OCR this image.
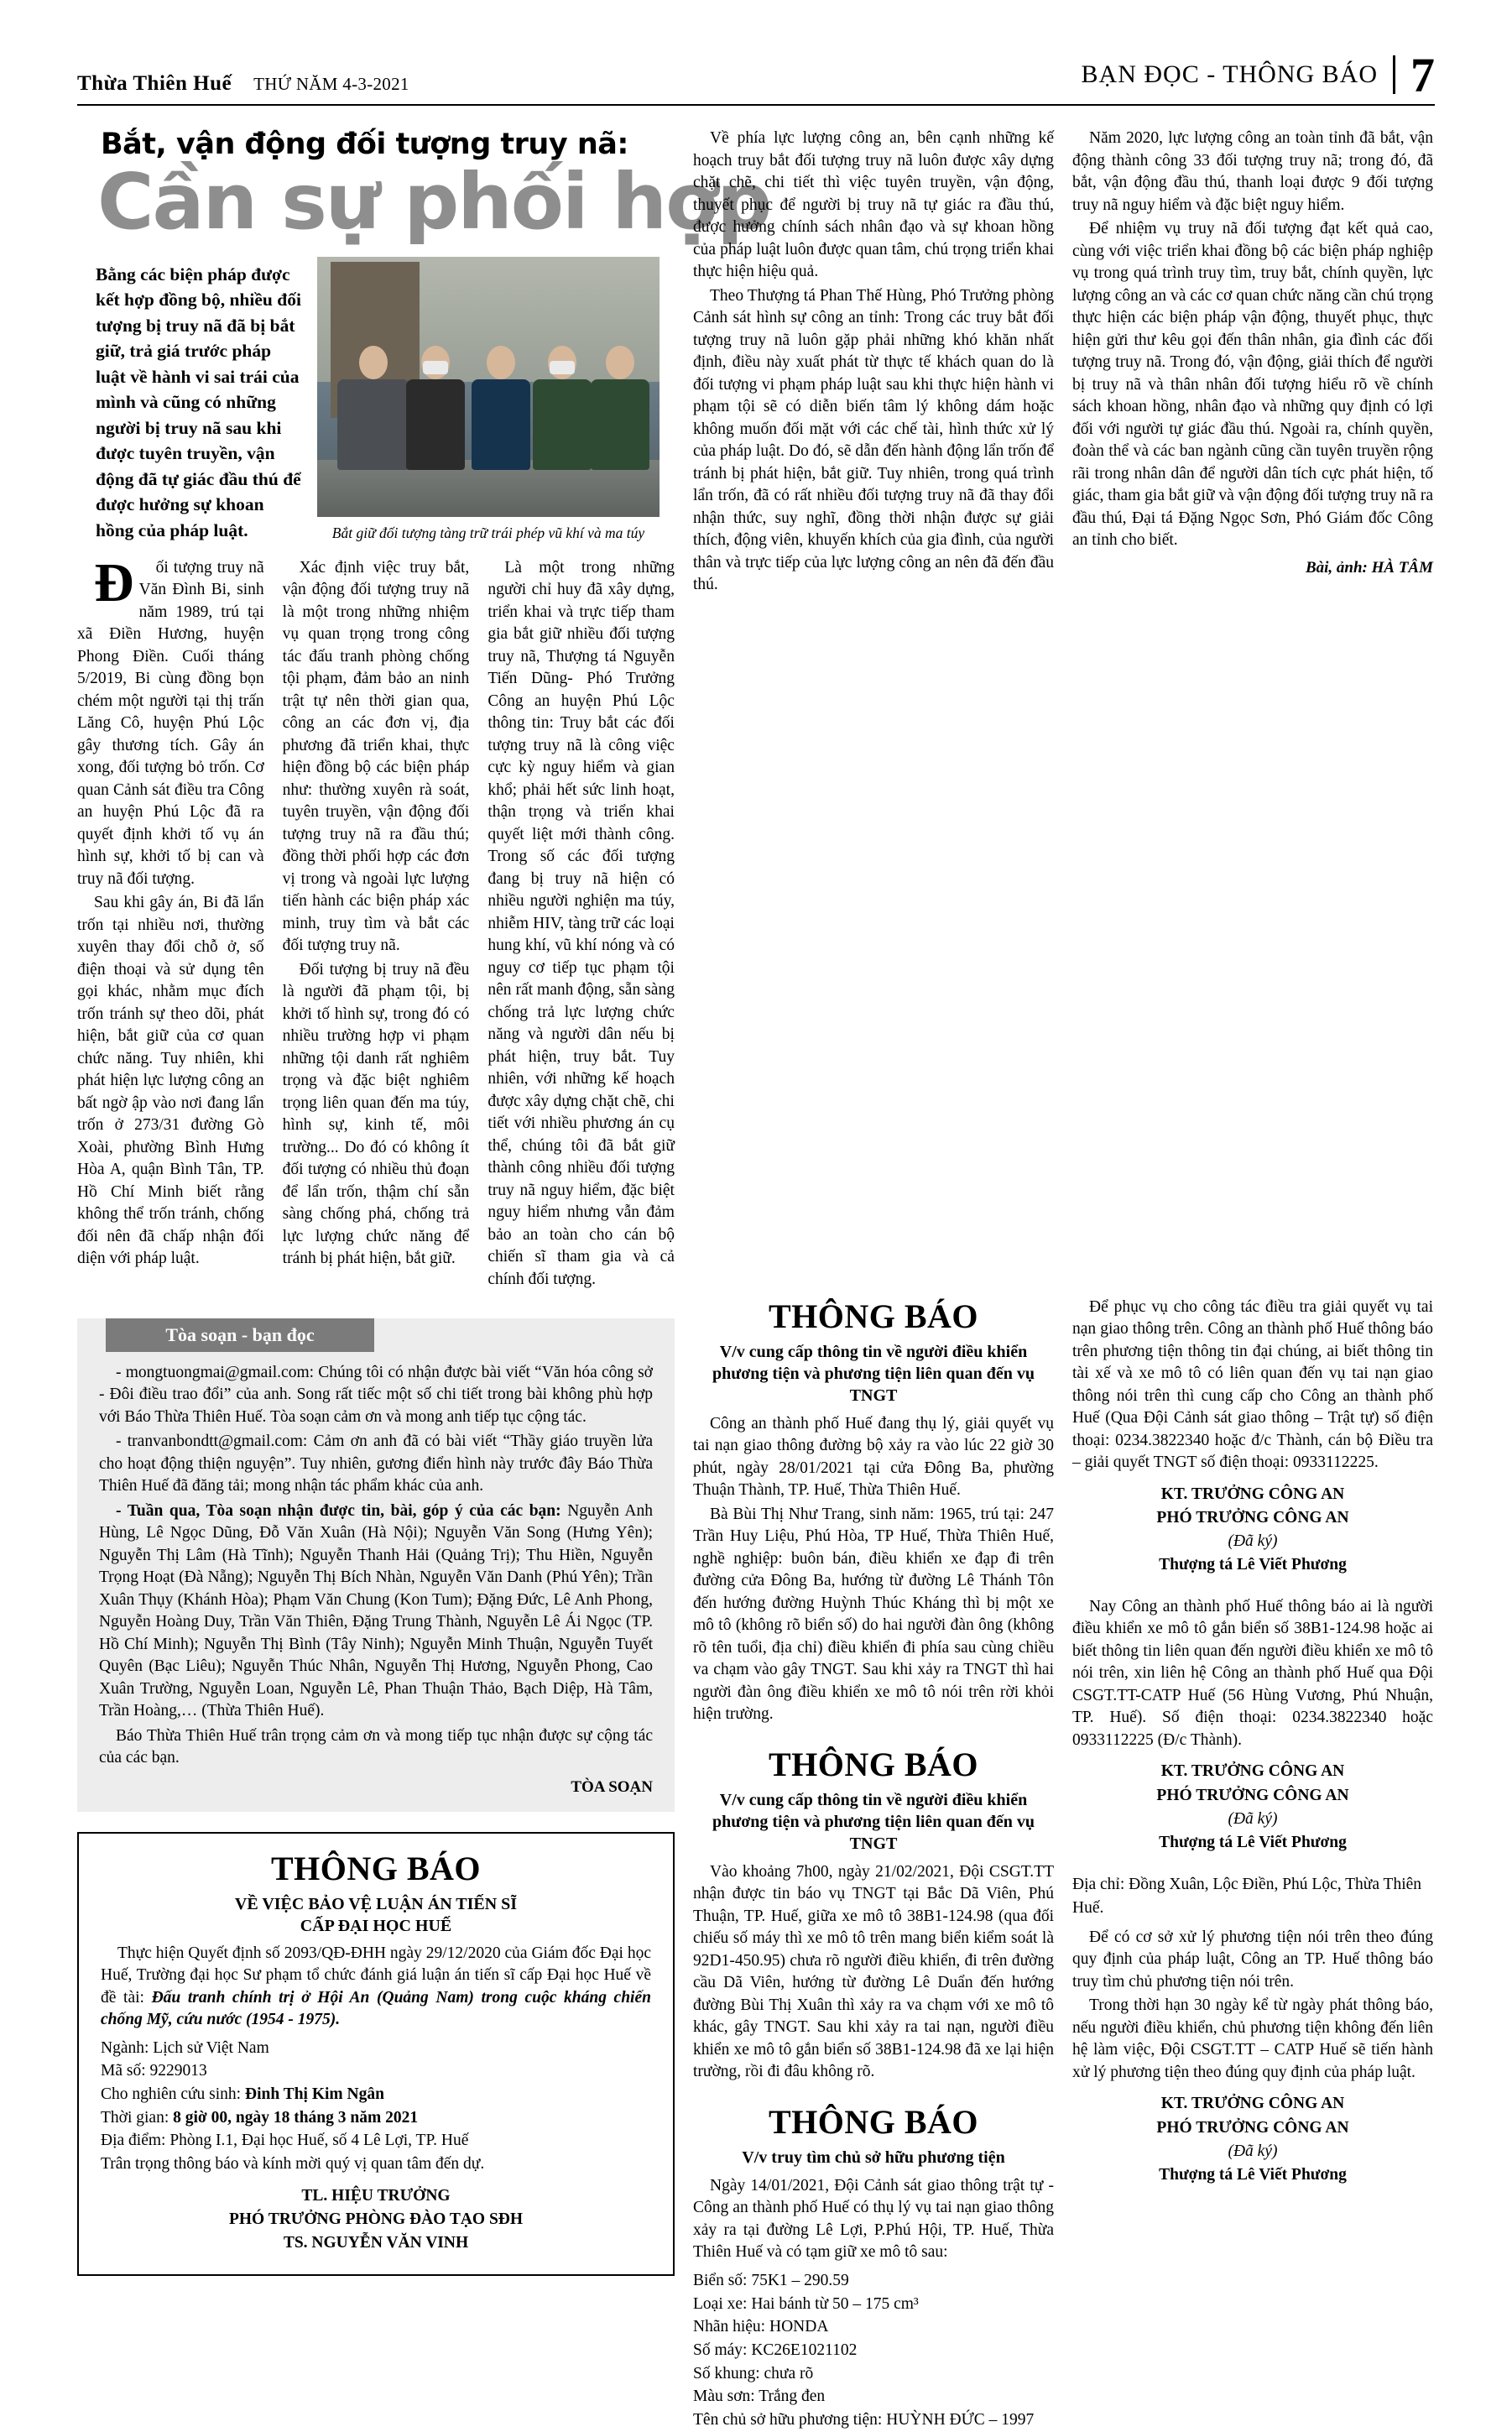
Thừa Thiên Huế THỨ NĂM 4-3-2021	BẠN ĐỌC - THÔNG BÁO 7
Bắt, vận động đối tượng truy nã:
Cần sự phối hợp
Bằng các biện pháp được kết hợp đồng bộ, nhiều đối tượng bị truy nã đã bị bắt giữ, trả giá trước pháp luật về hành vi sai trái của mình và cũng có những người bị truy nã sau khi được tuyên truyền, vận động đã tự giác đầu thú để được hưởng sự khoan hồng của pháp luật.	Bắt giữ đối tượng tàng trữ trái phép vũ khí và ma túy

Đối tượng truy nã Văn Đình Bi, sinh năm 1989, trú tại xã Điền Hương, huyện Phong Điền. Cuối tháng 5/2019, Bi cùng đồng bọn chém một người tại thị trấn Lăng Cô, huyện Phú Lộc gây thương tích. Gây án xong, đối tượng bỏ trốn. Cơ quan Cảnh sát điều tra Công an huyện Phú Lộc đã ra quyết định khởi tố vụ án hình sự, khởi tố bị can và truy nã đối tượng.

Sau khi gây án, Bi đã lẩn trốn tại nhiều nơi, thường xuyên thay đổi chỗ ở, số điện thoại và sử dụng tên gọi khác, nhằm mục đích trốn tránh sự theo dõi, phát hiện, bắt giữ của cơ quan chức năng. Tuy nhiên, khi phát hiện lực lượng công an bất ngờ ập vào nơi đang lẩn trốn ở 273/31 đường Gò Xoài, phường Bình Hưng Hòa A, quận Bình Tân, TP. Hồ Chí Minh biết rằng không thể trốn tránh, chống đối nên đã chấp nhận đối diện với pháp luật.

Xác định việc truy bắt, vận động đối tượng truy nã là một trong những nhiệm vụ quan trọng trong công tác đấu tranh phòng chống tội phạm, đảm bảo an ninh trật tự nên thời gian qua, công an các đơn vị, địa phương đã triển khai, thực hiện đồng bộ các biện pháp như: thường xuyên rà soát, tuyên truyền, vận động đối tượng truy nã ra đầu thú; đồng thời phối hợp các đơn vị trong và ngoài lực lượng tiến hành các biện pháp xác minh, truy tìm và bắt các đối tượng truy nã.

Đối tượng bị truy nã đều là người đã phạm tội, bị khởi tố hình sự, trong đó có nhiều trường hợp vi phạm những tội danh rất nghiêm trọng và đặc biệt nghiêm trọng liên quan đến ma túy, hình sự, kinh tế, môi trường... Do đó có không ít đối tượng có nhiều thủ đoạn để lẩn trốn, thậm chí sẵn sàng chống phá, chống trả lực lượng chức năng để tránh bị phát hiện, bắt giữ.

Là một trong những người chỉ huy đã xây dựng, triển khai và trực tiếp tham gia bắt giữ nhiều đối tượng truy nã, Thượng tá Nguyễn Tiến Dũng- Phó Trưởng Công an huyện Phú Lộc thông tin: Truy bắt các đối tượng truy nã là công việc cực kỳ nguy hiểm và gian khổ; phải hết sức linh hoạt, thận trọng và triển khai quyết liệt mới thành công. Trong số các đối tượng đang bị truy nã hiện có nhiều người nghiện ma túy, nhiễm HIV, tàng trữ các loại hung khí, vũ khí nóng và có nguy cơ tiếp tục phạm tội nên rất manh động, sẵn sàng chống trả lực lượng chức năng và người dân nếu bị phát hiện, truy bắt. Tuy nhiên, với những kế hoạch được xây dựng chặt chẽ, chi tiết với nhiều phương án cụ thể, chúng tôi đã bắt giữ thành công nhiều đối tượng truy nã nguy hiểm, đặc biệt nguy hiểm nhưng vẫn đảm bảo an toàn cho cán bộ chiến sĩ tham gia và cả chính đối tượng.

Về phía lực lượng công an, bên cạnh những kế hoạch truy bắt đối tượng truy nã luôn được xây dựng chặt chẽ, chi tiết thì việc tuyên truyền, vận động, thuyết phục để người bị truy nã tự giác ra đầu thú, được hưởng chính sách nhân đạo và sự khoan hồng của pháp luật luôn được quan tâm, chú trọng triển khai thực hiện hiệu quả.

Theo Thượng tá Phan Thế Hùng, Phó Trưởng phòng Cảnh sát hình sự công an tỉnh: Trong các truy bắt đối tượng truy nã luôn gặp phải những khó khăn nhất định, điều này xuất phát từ thực tế khách quan do là đối tượng vi phạm pháp luật sau khi thực hiện hành vi phạm tội sẽ có diễn biến tâm lý không dám hoặc không muốn đối mặt với các chế tài, hình thức xử lý của pháp luật. Do đó, sẽ dẫn đến hành động lẩn trốn để tránh bị phát hiện, bắt giữ. Tuy nhiên, trong quá trình lẩn trốn, đã có rất nhiều đối tượng truy nã đã thay đổi nhận thức, suy nghĩ, đồng thời nhận được sự giải thích, động viên, khuyến khích của gia đình, của người thân và trực tiếp của lực lượng công an nên đã đến đầu thú.

Năm 2020, lực lượng công an toàn tỉnh đã bắt, vận động thành công 33 đối tượng truy nã; trong đó, đã bắt, vận động đầu thú, thanh loại được 9 đối tượng truy nã nguy hiểm và đặc biệt nguy hiểm.

Để nhiệm vụ truy nã đối tượng đạt kết quả cao, cùng với việc triển khai đồng bộ các biện pháp nghiệp vụ trong quá trình truy tìm, truy bắt, chính quyền, lực lượng công an và các cơ quan chức năng cần chú trọng thực hiện các biện pháp vận động, thuyết phục, thực hiện gửi thư kêu gọi đến thân nhân, gia đình các đối tượng truy nã. Trong đó, vận động, giải thích để người bị truy nã và thân nhân đối tượng hiểu rõ về chính sách khoan hồng, nhân đạo và những quy định có lợi đối với người tự giác đầu thú. Ngoài ra, chính quyền, đoàn thể và các ban ngành cũng cần tuyên truyền rộng rãi trong nhân dân để người dân tích cực phát hiện, tố giác, tham gia bắt giữ và vận động đối tượng truy nã ra đầu thú, Đại tá Đặng Ngọc Sơn, Phó Giám đốc Công an tỉnh cho biết.

Bài, ảnh: HÀ TÂM
Tòa soạn - bạn đọc

- mongtuongmai@gmail.com: Chúng tôi có nhận được bài viết “Văn hóa công sở - Đôi điều trao đổi” của anh. Song rất tiếc một số chi tiết trong bài không phù hợp với Báo Thừa Thiên Huế. Tòa soạn cảm ơn và mong anh tiếp tục cộng tác.

- tranvanbondtt@gmail.com: Cảm ơn anh đã có bài viết “Thầy giáo truyền lửa cho hoạt động thiện nguyện”. Tuy nhiên, gương điển hình này trước đây Báo Thừa Thiên Huế đã đăng tải; mong nhận tác phẩm khác của anh.

- Tuần qua, Tòa soạn nhận được tin, bài, góp ý của các bạn: Nguyễn Anh Hùng, Lê Ngọc Dũng, Đỗ Văn Xuân (Hà Nội); Nguyễn Văn Song (Hưng Yên); Nguyễn Thị Lâm (Hà Tĩnh); Nguyễn Thanh Hải (Quảng Trị); Thu Hiền, Nguyễn Trọng Hoạt (Đà Nẵng); Nguyễn Thị Bích Nhàn, Nguyễn Văn Danh (Phú Yên); Trần Xuân Thụy (Khánh Hòa); Phạm Văn Chung (Kon Tum); Đặng Đức, Lê Anh Phong, Nguyễn Hoàng Duy, Trần Văn Thiên, Đặng Trung Thành, Nguyễn Lê Ái Ngọc (TP. Hồ Chí Minh); Nguyễn Thị Bình (Tây Ninh); Nguyễn Minh Thuận, Nguyễn Tuyết Quyên (Bạc Liêu); Nguyễn Thúc Nhân, Nguyễn Thị Hương, Nguyễn Phong, Cao Xuân Trường, Nguyễn Loan, Nguyễn Lê, Phan Thuận Thảo, Bạch Diệp, Hà Tâm, Trần Hoàng,… (Thừa Thiên Huế).

Báo Thừa Thiên Huế trân trọng cảm ơn và mong tiếp tục nhận được sự cộng tác của các bạn.

TÒA SOẠN
THÔNG BÁO
VỀ VIỆC BẢO VỆ LUẬN ÁN TIẾN SĨ
CẤP ĐẠI HỌC HUẾ

Thực hiện Quyết định số 2093/QĐ-ĐHH ngày 29/12/2020 của Giám đốc Đại học Huế, Trường đại học Sư phạm tổ chức đánh giá luận án tiến sĩ cấp Đại học Huế về đề tài: Đấu tranh chính trị ở Hội An (Quảng Nam) trong cuộc kháng chiến chống Mỹ, cứu nước (1954 - 1975).

Ngành: Lịch sử Việt Nam

Mã số: 9229013

Cho nghiên cứu sinh: Đinh Thị Kim Ngân

Thời gian: 8 giờ 00, ngày 18 tháng 3 năm 2021

Địa điểm: Phòng I.1, Đại học Huế, số 4 Lê Lợi, TP. Huế

Trân trọng thông báo và kính mời quý vị quan tâm đến dự.

TL. HIỆU TRƯỞNG
PHÓ TRƯỞNG PHÒNG ĐÀO TẠO SĐH
TS. NGUYỄN VĂN VINH
THÔNG BÁO
V/v cung cấp thông tin về người điều khiển phương tiện và phương tiện liên quan đến vụ TNGT

Công an thành phố Huế đang thụ lý, giải quyết vụ tai nạn giao thông đường bộ xảy ra vào lúc 22 giờ 30 phút, ngày 28/01/2021 tại cửa Đông Ba, phường Thuận Thành, TP. Huế, Thừa Thiên Huế.

Bà Bùi Thị Như Trang, sinh năm: 1965, trú tại: 247 Trần Huy Liệu, Phú Hòa, TP Huế, Thừa Thiên Huế, nghề nghiệp: buôn bán, điều khiển xe đạp đi trên đường cửa Đông Ba, hướng từ đường Lê Thánh Tôn đến hướng đường Huỳnh Thúc Kháng thì bị một xe mô tô (không rõ biển số) do hai người đàn ông (không rõ tên tuổi, địa chỉ) điều khiển đi phía sau cùng chiều va chạm vào gây TNGT. Sau khi xảy ra TNGT thì hai người đàn ông điều khiển xe mô tô nói trên rời khỏi hiện trường.

THÔNG BÁO
V/v cung cấp thông tin về người điều khiển phương tiện và phương tiện liên quan đến vụ TNGT

Vào khoảng 7h00, ngày 21/02/2021, Đội CSGT.TT nhận được tin báo vụ TNGT tại Bắc Dã Viên, Phú Thuận, TP. Huế, giữa xe mô tô 38B1-124.98 (qua đối chiếu số máy thì xe mô tô trên mang biển kiểm soát là 92D1-450.95) chưa rõ người điều khiển, đi trên đường cầu Dã Viên, hướng từ đường Lê Duẩn đến hướng đường Bùi Thị Xuân thì xảy ra va chạm với xe mô tô khác, gây TNGT. Sau khi xảy ra tai nạn, người điều khiển xe mô tô gắn biển số 38B1-124.98 đã xe lại hiện trường, rồi đi đâu không rõ.

THÔNG BÁO
V/v truy tìm chủ sở hữu phương tiện

Ngày 14/01/2021, Đội Cảnh sát giao thông trật tự - Công an thành phố Huế có thụ lý vụ tai nạn giao thông xảy ra tại đường Lê Lợi, P.Phú Hội, TP. Huế, Thừa Thiên Huế và có tạm giữ xe mô tô sau:

Biển số: 75K1 – 290.59

Loại xe: Hai bánh từ 50 – 175 cm³

Nhãn hiệu: HONDA

Số máy: KC26E1021102

Số khung: chưa rõ

Màu sơn: Trắng đen

Tên chủ sở hữu phương tiện: HUỲNH ĐỨC – 1997

Để phục vụ cho công tác điều tra giải quyết vụ tai nạn giao thông trên. Công an thành phố Huế thông báo trên phương tiện thông tin đại chúng, ai biết thông tin tài xế và xe mô tô có liên quan đến vụ tai nạn giao thông nói trên thì cung cấp cho Công an thành phố Huế (Qua Đội Cảnh sát giao thông – Trật tự) số điện thoại: 0234.3822340 hoặc đ/c Thành, cán bộ Điều tra – giải quyết TNGT số điện thoại: 0933112225.

KT. TRƯỞNG CÔNG AN
PHÓ TRƯỞNG CÔNG AN
(Đã ký)
Thượng tá Lê Viết Phương

Nay Công an thành phố Huế thông báo ai là người điều khiển xe mô tô gắn biển số 38B1-124.98 hoặc ai biết thông tin liên quan đến người điều khiển xe mô tô nói trên, xin liên hệ Công an thành phố Huế qua Đội CSGT.TT-CATP Huế (56 Hùng Vương, Phú Nhuận, TP. Huế). Số điện thoại: 0234.3822340 hoặc 0933112225 (Đ/c Thành).

KT. TRƯỞNG CÔNG AN
PHÓ TRƯỞNG CÔNG AN
(Đã ký)
Thượng tá Lê Viết Phương

Địa chỉ: Đồng Xuân, Lộc Điền, Phú Lộc, Thừa Thiên Huế.

Để có cơ sở xử lý phương tiện nói trên theo đúng quy định của pháp luật, Công an TP. Huế thông báo truy tìm chủ phương tiện nói trên.

Trong thời hạn 30 ngày kể từ ngày phát thông báo, nếu người điều khiển, chủ phương tiện không đến liên hệ làm việc, Đội CSGT.TT – CATP Huế sẽ tiến hành xử lý phương tiện theo đúng quy định của pháp luật.

KT. TRƯỞNG CÔNG AN
PHÓ TRƯỞNG CÔNG AN
(Đã ký)
Thượng tá Lê Viết Phương
